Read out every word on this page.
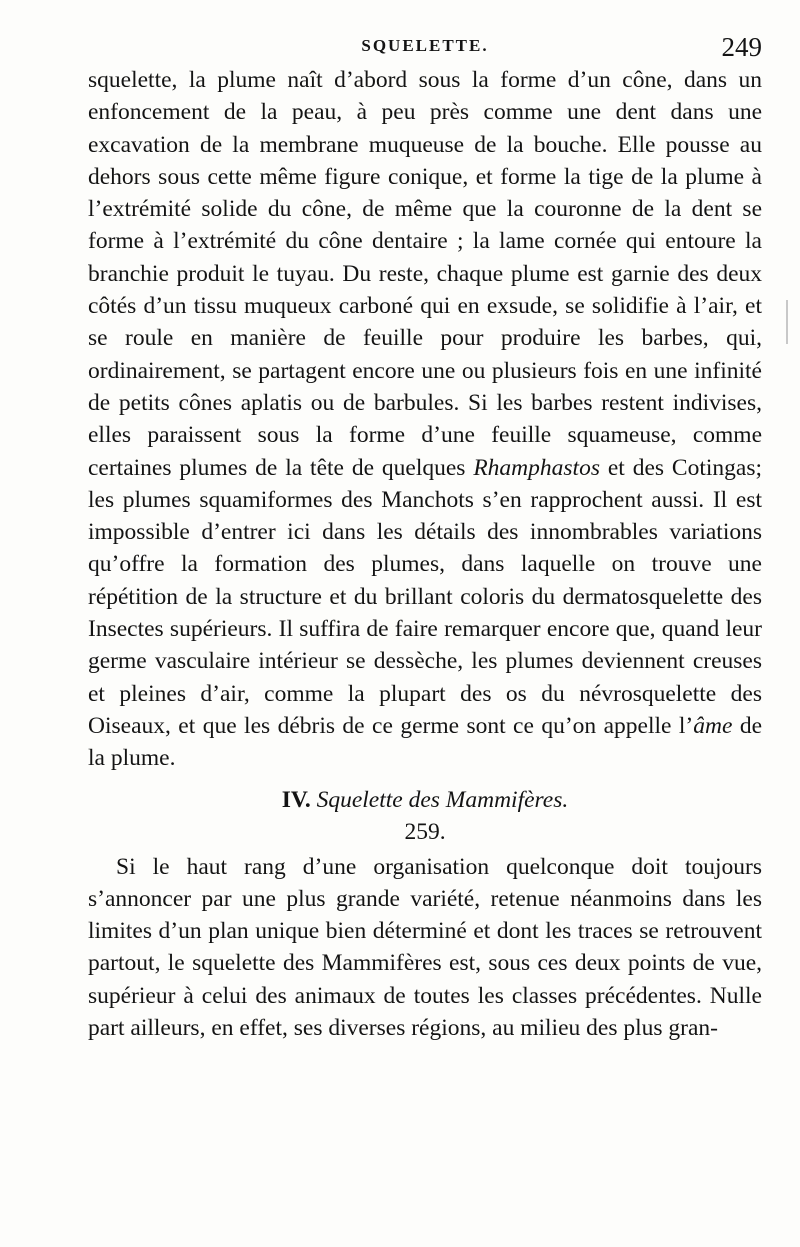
SQUELETTE.	249

squelette, la plume naît d’abord sous la forme d’un cône, dans un enfoncement de la peau, à peu près comme une dent dans une excavation de la membrane muqueuse de la bouche. Elle pousse au dehors sous cette même figure conique, et forme la tige de la plume à l’extrémité solide du cône, de même que la couronne de la dent se forme à l’extrémité du cône dentaire ; la lame cornée qui entoure la branchie produit le tuyau. Du reste, chaque plume est garnie des deux côtés d’un tissu muqueux carboné qui en exsude, se solidifie à l’air, et se roule en manière de feuille pour produire les barbes, qui, ordinairement, se partagent encore une ou plusieurs fois en une infinité de petits cônes aplatis ou de barbules. Si les barbes restent indivises, elles paraissent sous la forme d’une feuille squameuse, comme certaines plumes de la tête de quelques Rhamphastos et des Cotingas; les plumes squamiformes des Manchots s’en rapprochent aussi. Il est impossible d’entrer ici dans les détails des innombrables variations qu’offre la formation des plumes, dans laquelle on trouve une répétition de la structure et du brillant coloris du dermatosquelette des Insectes supérieurs. Il suffira de faire remarquer encore que, quand leur germe vasculaire intérieur se dessèche, les plumes deviennent creuses et pleines d’air, comme la plupart des os du névrosquelette des Oiseaux, et que les débris de ce germe sont ce qu’on appelle l’âme de la plume.

IV. Squelette des Mammifères.
259.

Si le haut rang d’une organisation quelconque doit toujours s’annoncer par une plus grande variété, retenue néanmoins dans les limites d’un plan unique bien déterminé et dont les traces se retrouvent partout, le squelette des Mammifères est, sous ces deux points de vue, supérieur à celui des animaux de toutes les classes précédentes. Nulle part ailleurs, en effet, ses diverses régions, au milieu des plus gran-
